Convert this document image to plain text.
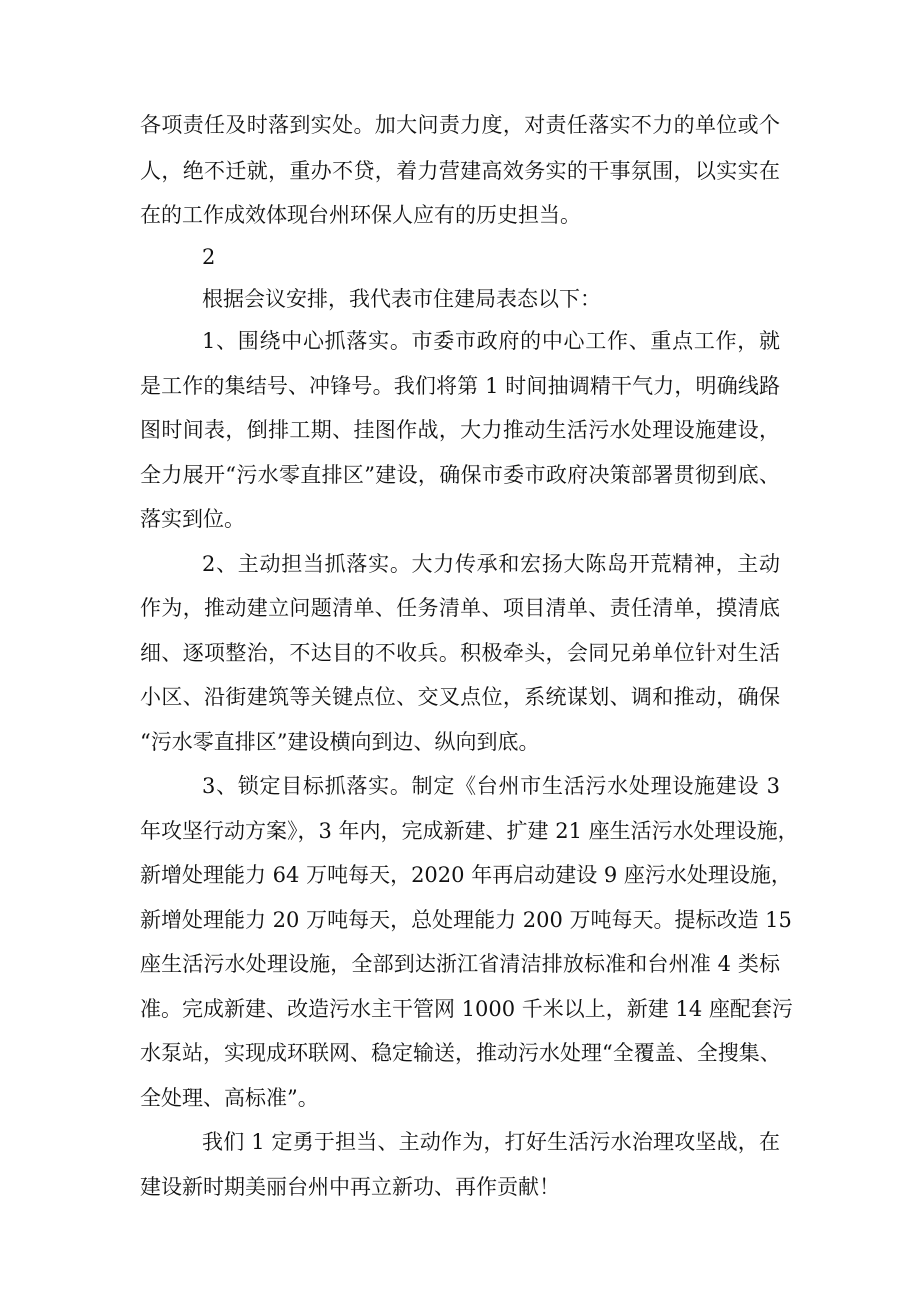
各项责任及时落到实处。加大问责力度，对责任落实不力的单位或个
人，绝不迁就，重办不贷，着力营建高效务实的干事氛围，以实实在
在的工作成效体现台州环保人应有的历史担当。
2
根据会议安排，我代表市住建局表态以下：
1、围绕中心抓落实。市委市政府的中心工作、重点工作，就
是工作的集结号、冲锋号。我们将第 1 时间抽调精干气力，明确线路
图时间表，倒排工期、挂图作战，大力推动生活污水处理设施建设，
全力展开“污水零直排区”建设，确保市委市政府决策部署贯彻到底、
落实到位。
2、主动担当抓落实。大力传承和宏扬大陈岛开荒精神，主动
作为，推动建立问题清单、任务清单、项目清单、责任清单，摸清底
细、逐项整治，不达目的不收兵。积极牵头，会同兄弟单位针对生活
小区、沿街建筑等关键点位、交叉点位，系统谋划、调和推动，确保
“污水零直排区”建设横向到边、纵向到底。
3、锁定目标抓落实。制定《台州市生活污水处理设施建设 3
年攻坚行动方案》，3 年内，完成新建、扩建 21 座生活污水处理设施，
新增处理能力 64 万吨每天，2020 年再启动建设 9 座污水处理设施，
新增处理能力 20 万吨每天，总处理能力 200 万吨每天。提标改造 15
座生活污水处理设施，全部到达浙江省清洁排放标准和台州准 4 类标
准。完成新建、改造污水主干管网 1000 千米以上，新建 14 座配套污
水泵站，实现成环联网、稳定输送，推动污水处理“全覆盖、全搜集、
全处理、高标准”。
我们 1 定勇于担当、主动作为，打好生活污水治理攻坚战，在
建设新时期美丽台州中再立新功、再作贡献！
